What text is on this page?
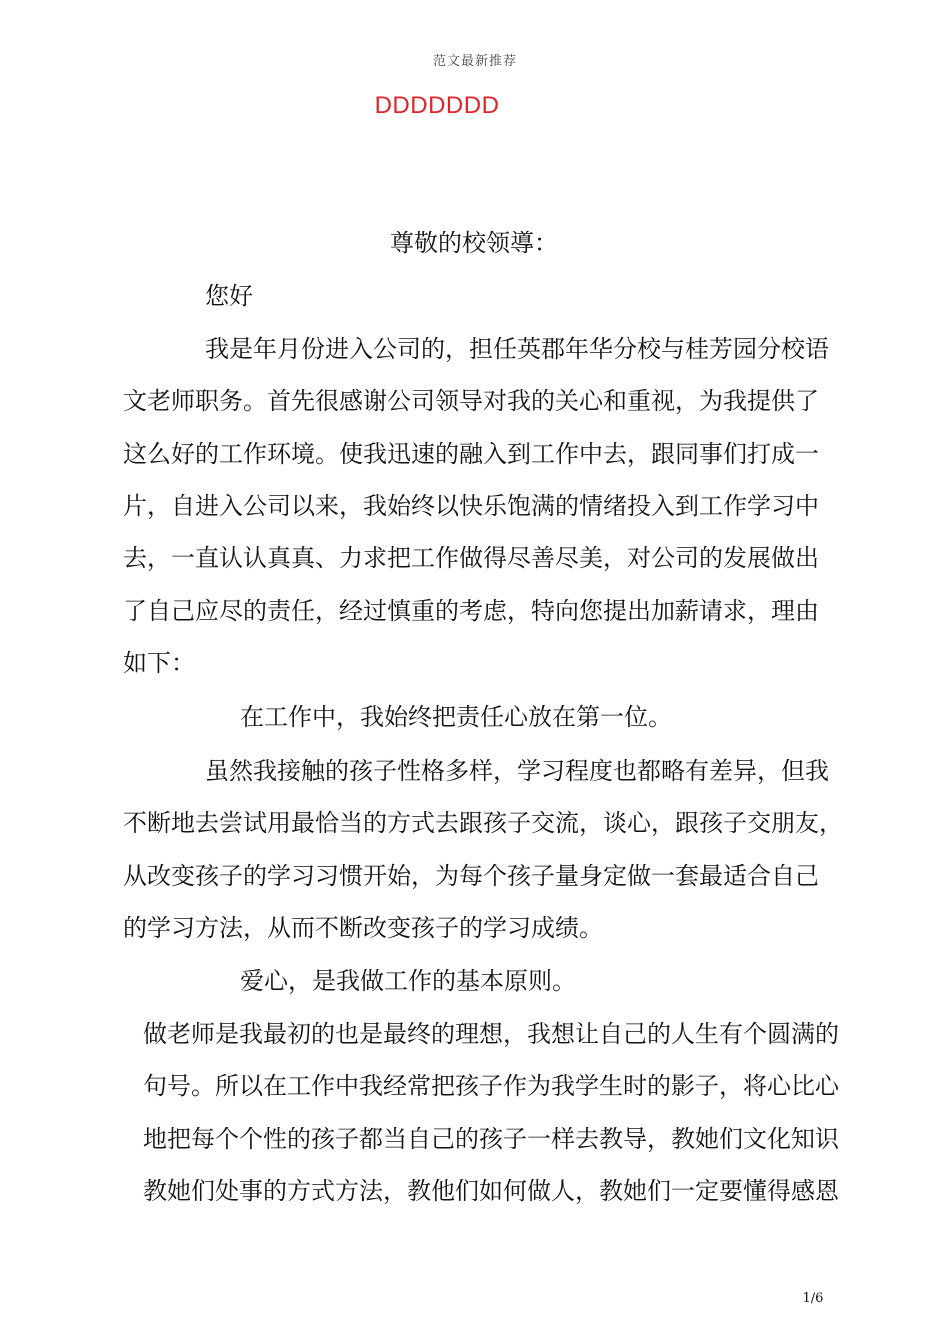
范文最新推荐
DDDDDDD
尊敬的校领導：
您好
我是年月份进入公司的，担任英郡年华分校与桂芳园分校语
文老师职务。首先很感谢公司领导对我的关心和重视，为我提供了
这么好的工作环境。使我迅速的融入到工作中去，跟同事们打成一
片，自进入公司以来，我始终以快乐饱满的情绪投入到工作学习中
去，一直认认真真、力求把工作做得尽善尽美，对公司的发展做出
了自己应尽的责任，经过慎重的考虑，特向您提出加薪请求，理由
如下：
在工作中，我始终把责任心放在第一位。
虽然我接触的孩子性格多样，学习程度也都略有差异，但我
不断地去尝试用最恰当的方式去跟孩子交流，谈心，跟孩子交朋友，
从改变孩子的学习习惯开始，为每个孩子量身定做一套最适合自己
的学习方法，从而不断改变孩子的学习成绩。
爱心，是我做工作的基本原则。
做老师是我最初的也是最终的理想，我想让自己的人生有个圆满的
句号。所以在工作中我经常把孩子作为我学生时的影子，将心比心
地把每个个性的孩子都当自己的孩子一样去教导，教她们文化知识
教她们处事的方式方法，教他们如何做人，教她们一定要懂得感恩
1/6
